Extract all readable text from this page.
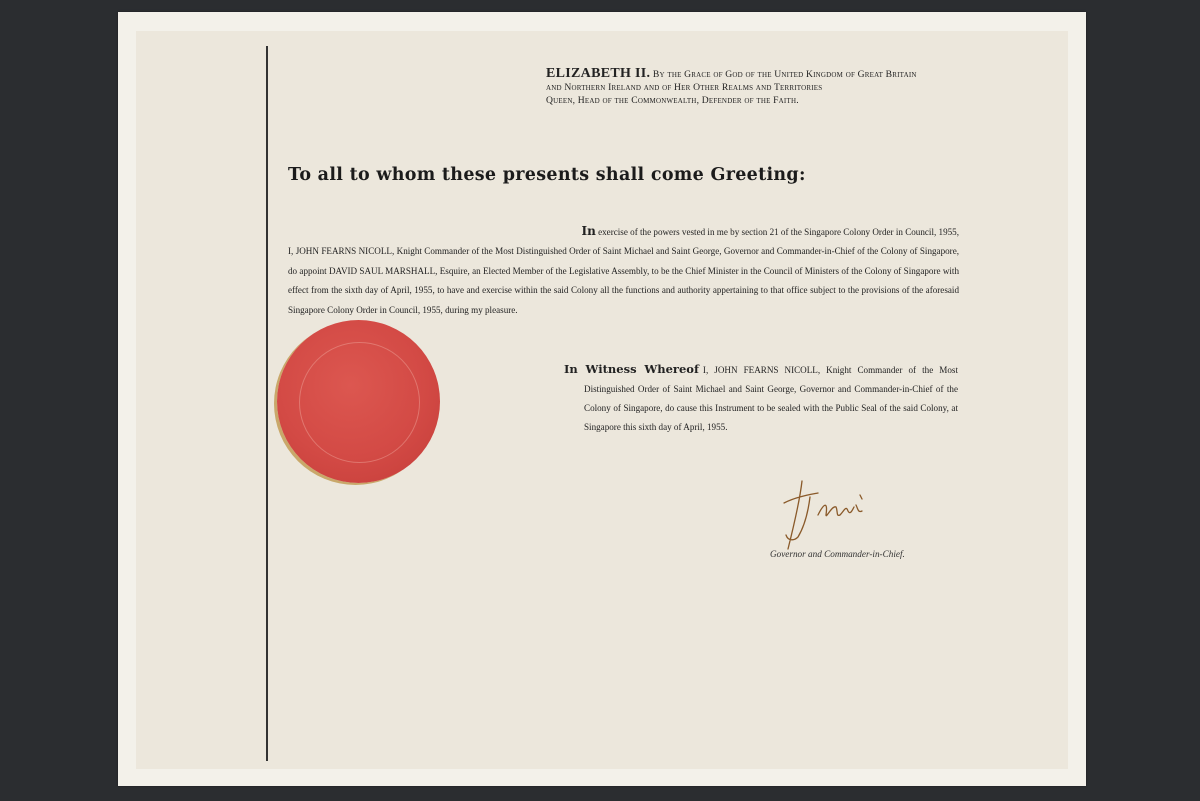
ELIZABETH II. By the Grace of God of the United Kingdom of Great Britain
and Northern Ireland and of Her Other Realms and Territories
Queen, Head of the Commonwealth, Defender of the Faith.
To all to whom these presents shall come Greeting:
In exercise of the powers vested in me by section 21 of the Singapore Colony Order in Council, 1955,
I, JOHN FEARNS NICOLL, Knight Commander of the Most Distinguished Order of Saint Michael and Saint George, Governor and Commander-in-Chief of the Colony of Singapore, do appoint DAVID SAUL MARSHALL, Esquire, an Elected Member of the Legislative Assembly, to be the Chief Minister in the Council of Ministers of the Colony of Singapore with effect from the sixth day of April, 1955, to have and exercise within the said Colony all the functions and authority appertaining to that office subject to the provisions of the aforesaid Singapore Colony Order in Council, 1955, during my pleasure.
In Witness Whereof I, JOHN FEARNS NICOLL, Knight Commander of the Most Distinguished Order of Saint Michael and Saint George, Governor and Commander-in-Chief of the Colony of Singapore, do cause this Instrument to be sealed with the Public Seal of the said Colony, at Singapore this sixth day of April, 1955.
Governor and Commander-in-Chief.
